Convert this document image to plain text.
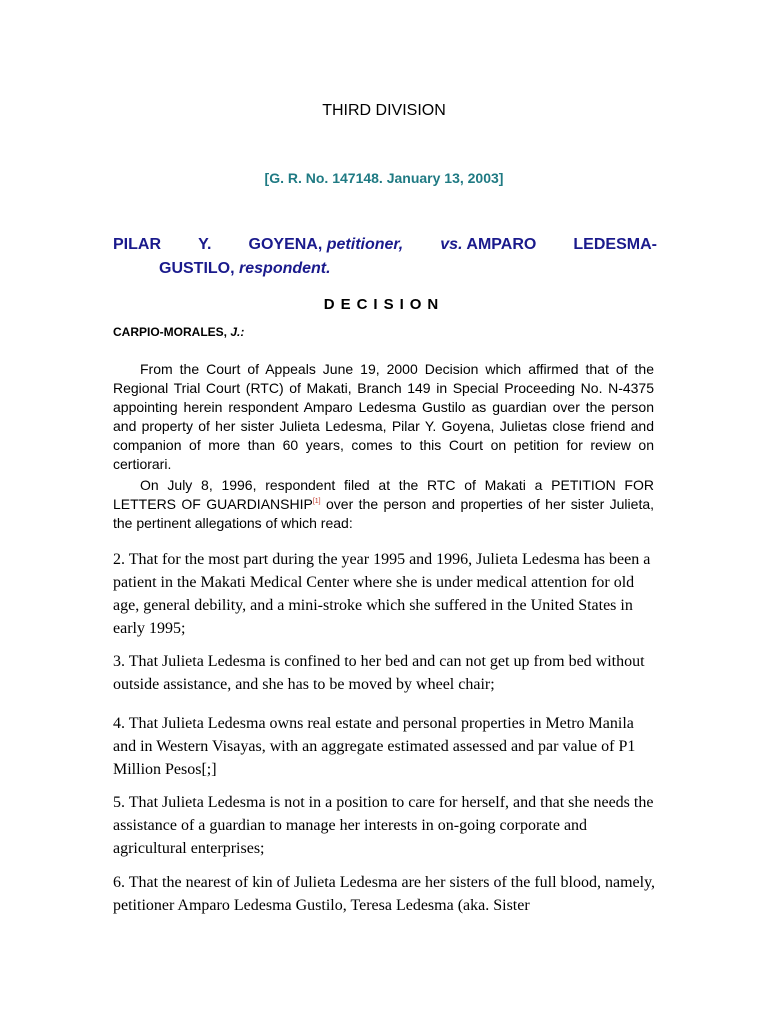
THIRD DIVISION
[G. R. No. 147148. January 13, 2003]
PILAR Y. GOYENA, petitioner, vs. AMPARO LEDESMA-
GUSTILO, respondent.
DECISION
CARPIO-MORALES, J.:

From the Court of Appeals June 19, 2000 Decision which affirmed that of the Regional Trial Court (RTC) of Makati, Branch 149 in Special Proceeding No. N-4375 appointing herein respondent Amparo Ledesma Gustilo as guardian over the person and property of her sister Julieta Ledesma, Pilar Y. Goyena, Julietas close friend and companion of more than 60 years, comes to this Court on petition for review on certiorari.

On July 8, 1996, respondent filed at the RTC of Makati a PETITION FOR LETTERS OF GUARDIANSHIP[1] over the person and properties of her sister Julieta, the pertinent allegations of which read:

2. That for the most part during the year 1995 and 1996, Julieta Ledesma has been a patient in the Makati Medical Center where she is under medical attention for old age, general debility, and a mini-stroke which she suffered in the United States in early 1995;

3. That Julieta Ledesma is confined to her bed and can not get up from bed without outside assistance, and she has to be moved by wheel chair;

4. That Julieta Ledesma owns real estate and personal properties in Metro Manila and in Western Visayas, with an aggregate estimated assessed and par value of P1 Million Pesos[;]

5. That Julieta Ledesma is not in a position to care for herself, and that she needs the assistance of a guardian to manage her interests in on-going corporate and agricultural enterprises;

6. That the nearest of kin of Julieta Ledesma are her sisters of the full blood, namely, petitioner Amparo Ledesma Gustilo, Teresa Ledesma (aka. Sister
